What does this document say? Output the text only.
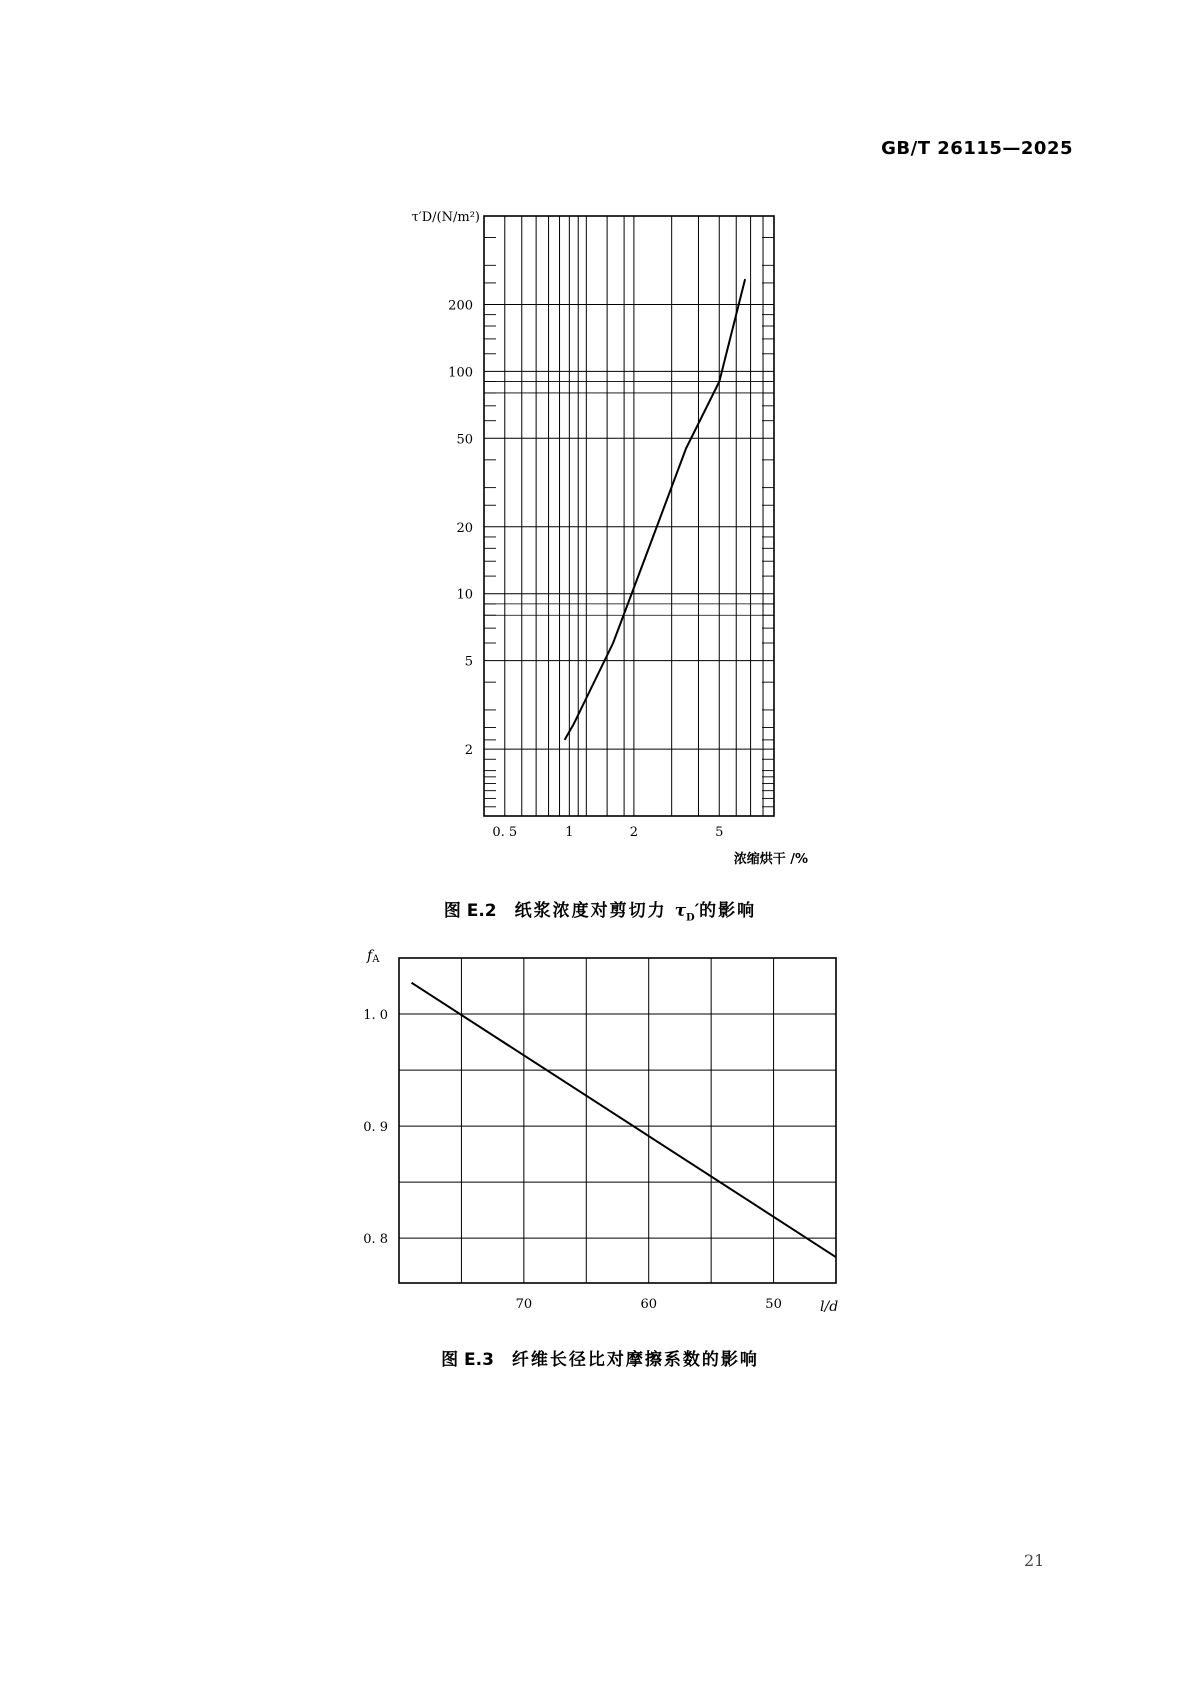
GB/T 26115—2025
2
5
10
20
50
100
200
0. 5	1	2	5
τ′D/(N/m²)
浓缩烘干 /%
1. 0
0. 9
0. 8
70	60	50
fA
l/d
图 E.2 纸浆浓度对剪切力 $\tau_D'$的影响
图 E.3 纤维长径比对摩擦系数的影响
21
